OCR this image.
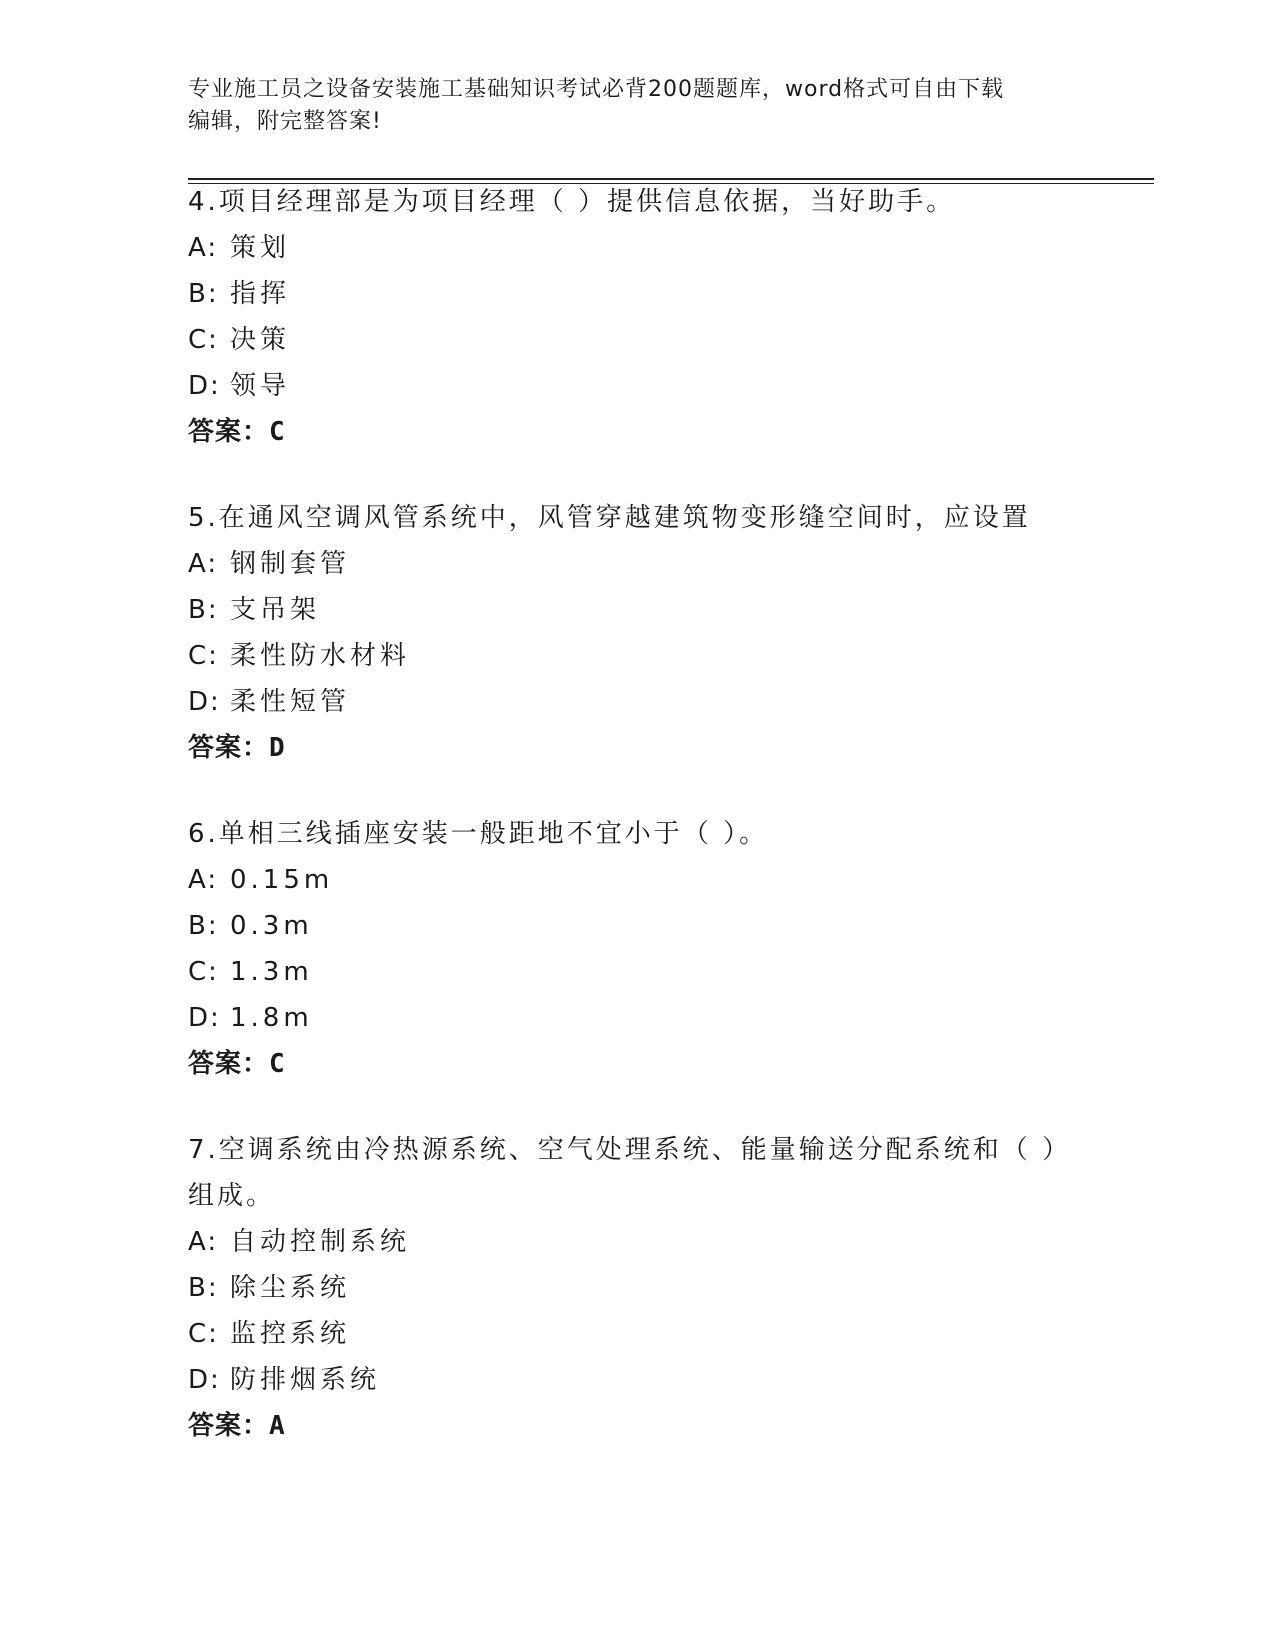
专业施工员之设备安装施工基础知识考试必背200题题库，word格式可自由下载
编辑，附完整答案!
4.项目经理部是为项目经理（ ）提供信息依据，当好助手。
A: 策划
B: 指挥
C: 决策
D: 领导
答案：C
5.在通风空调风管系统中，风管穿越建筑物变形缝空间时，应设置
A: 钢制套管
B: 支吊架
C: 柔性防水材料
D: 柔性短管
答案：D
6.单相三线插座安装一般距地不宜小于（ ）。
A: 0.15m
B: 0.3m
C: 1.3m
D: 1.8m
答案：C
7.空调系统由冷热源系统、空气处理系统、能量输送分配系统和（ ）
组成。
A: 自动控制系统
B: 除尘系统
C: 监控系统
D: 防排烟系统
答案：A
